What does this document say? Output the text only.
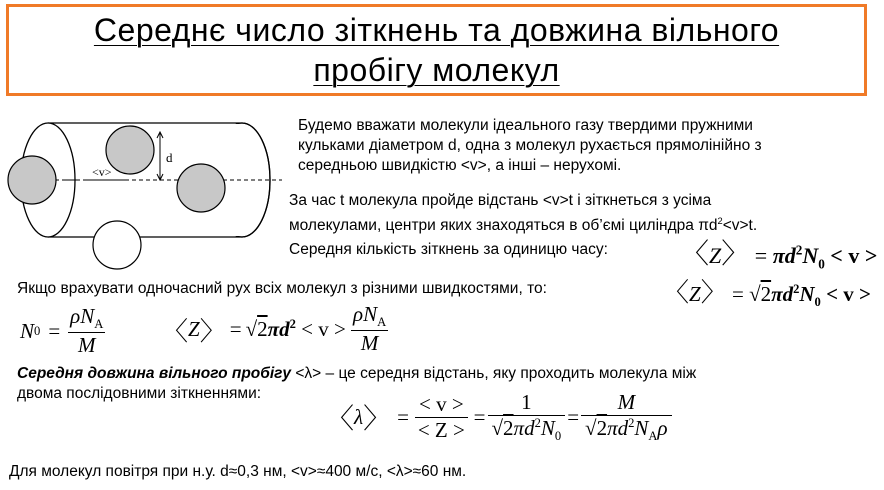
Середнє число зіткнень та довжина вільного
пробігу молекул
<v>
d
Будемо вважати молекули ідеального газу твердими пружними
кульками діаметром d, одна з молекул рухається прямолінійно з
середньою швидкістю <v>, а інші – нерухомі.
За час t молекула пройде відстань <v>t і зіткнеться з усіма
молекулами, центри яких знаходяться в об’ємі циліндра $\pi d^2<v>t$.
Середня кількість зіткнень за одиницю часу:	〈Z〉 = $\pi d^2N_0 < v$ >
Якщо врахувати одночасний рух всіх молекул з різними швидкостями, то:	〈Z〉 = $√2\pi d^2N_0 < v$ >
N 0 =
$\rho N_A$
M	〈 Z 〉 = √ 2 $\pi d^2$
< v >

$\rho N_A$
M
Середня довжина вільного пробігу <λ> – це середня відстань, яку проходить молекула між
двома послідовними зіткненнями:
〈 λ 〉 = $\frac{< v >}{< Z >} = \frac{1}{√2\pi d^2N_0}$ =
M
$√2\pi d^2N_A\rho$
Для молекул повітря при н.у. d≈0,3 нм, <v>≈400 м/с, <λ>≈60 нм.
